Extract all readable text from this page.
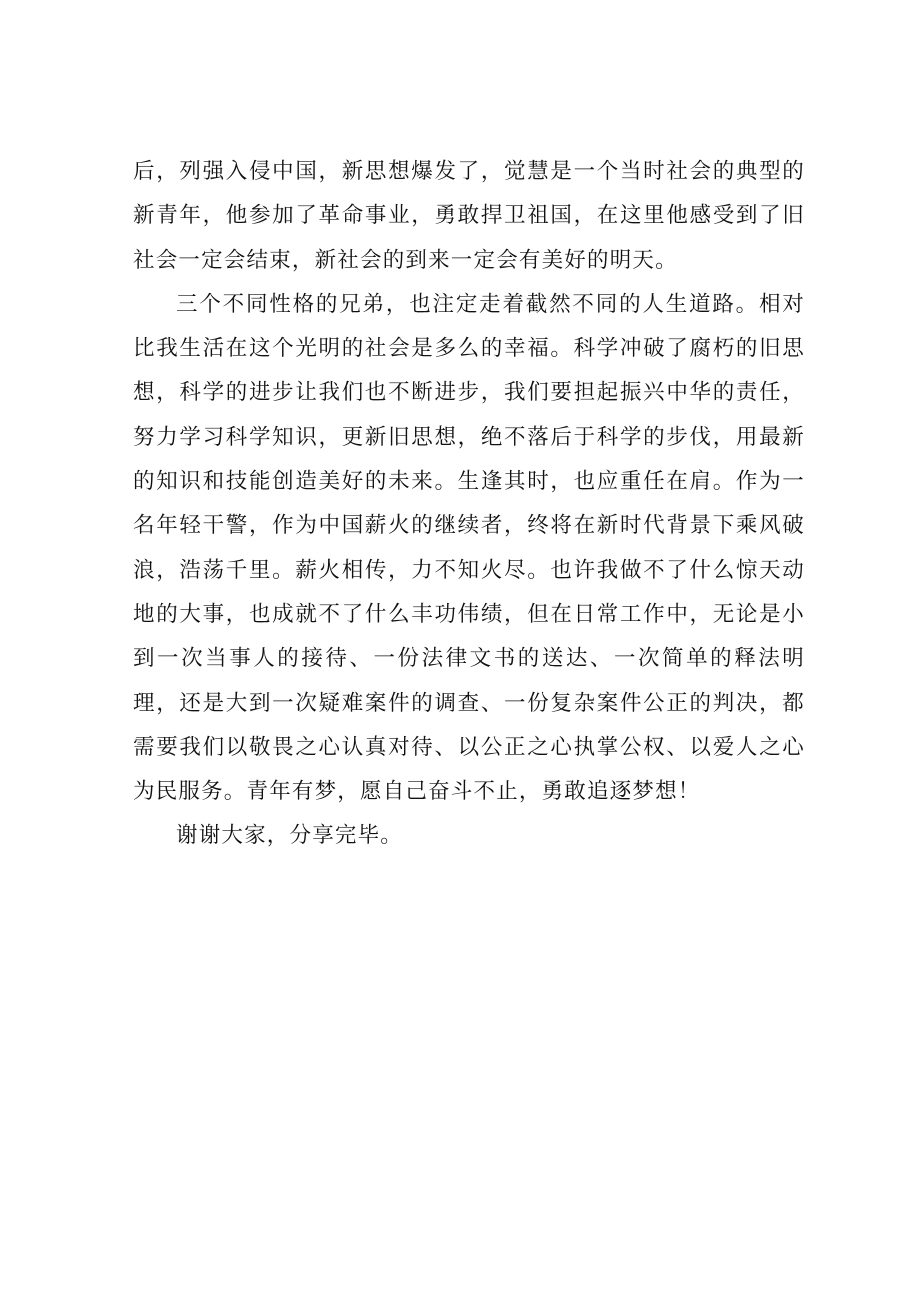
后，列强入侵中国，新思想爆发了，觉慧是一个当时社会的典型的新青年，他参加了革命事业，勇敢捍卫祖国，在这里他感受到了旧社会一定会结束，新社会的到来一定会有美好的明天。

三个不同性格的兄弟，也注定走着截然不同的人生道路。相对比我生活在这个光明的社会是多么的幸福。科学冲破了腐朽的旧思想，科学的进步让我们也不断进步，我们要担起振兴中华的责任，努力学习科学知识，更新旧思想，绝不落后于科学的步伐，用最新的知识和技能创造美好的未来。生逢其时，也应重任在肩。作为一名年轻干警，作为中国薪火的继续者，终将在新时代背景下乘风破浪，浩荡千里。薪火相传，力不知火尽。也许我做不了什么惊天动地的大事，也成就不了什么丰功伟绩，但在日常工作中，无论是小到一次当事人的接待、一份法律文书的送达、一次简单的释法明理，还是大到一次疑难案件的调查、一份复杂案件公正的判决，都需要我们以敬畏之心认真对待、以公正之心执掌公权、以爱人之心为民服务。青年有梦，愿自己奋斗不止，勇敢追逐梦想！

谢谢大家，分享完毕。
